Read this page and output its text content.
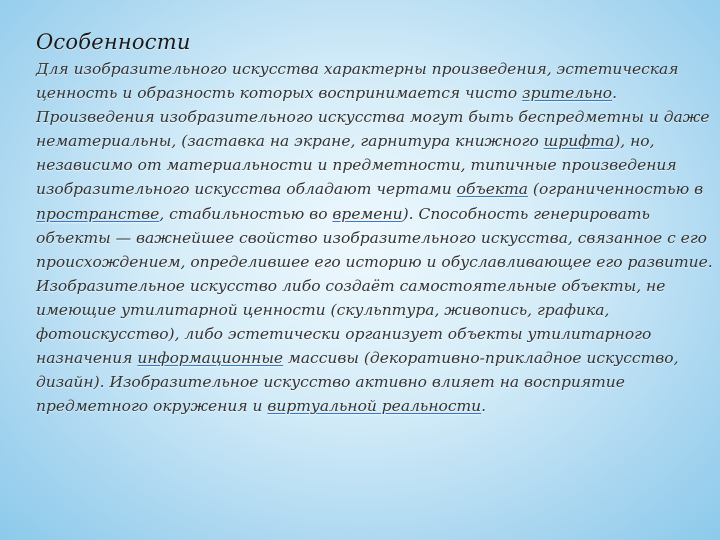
Особенности
Для изобразительного искусства характерны произведения, эстетическая ценность и образность которых воспринимается чисто зрительно. Произведения изобразительного искусства могут быть беспредметны и даже нематериальны, (заставка на экране, гарнитура книжного шрифта), но, независимо от материальности и предметности, типичные произведения изобразительного искусства обладают чертами объекта (ограниченностью в пространстве, стабильностью во времени). Способность генерировать объекты — важнейшее свойство изобразительного искусства, связанное с его происхождением, определившее его историю и обуславливающее его развитие. Изобразительное искусство либо создаёт самостоятельные объекты, не имеющие утилитарной ценности (скульптура, живопись, графика, фотоискусство), либо эстетически организует объекты утилитарного назначения информационные массивы (декоративно-прикладное искусство, дизайн). Изобразительное искусство активно влияет на восприятие предметного окружения и виртуальной реальности.
